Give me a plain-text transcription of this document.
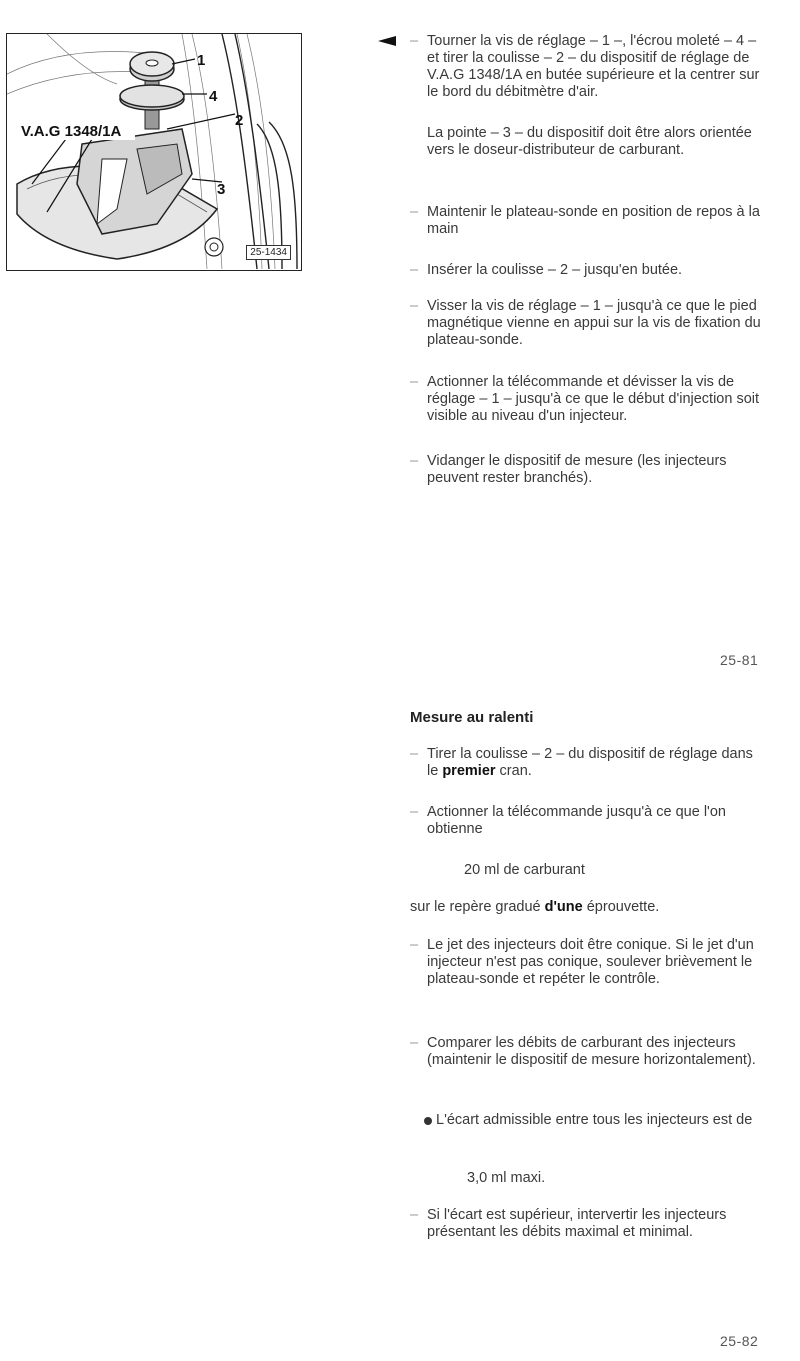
V.A.G 1348/1A
1
2
3
4
25-1434
– Tourner la vis de réglage – 1 –, l'écrou moleté – 4 – et tirer la coulisse – 2 – du dispositif de réglage de V.A.G 1348/1A en butée supérieure et la centrer sur le bord du débitmètre d'air.
La pointe – 3 – du dispositif doit être alors orientée vers le doseur-distributeur de carburant.
– Maintenir le plateau-sonde en position de repos à la main
– Insérer la coulisse – 2 – jusqu'en butée.
– Visser la vis de réglage – 1 – jusqu'à ce que le pied magnétique vienne en appui sur la vis de fixation du plateau-sonde.
– Actionner la télécommande et dévisser la vis de réglage – 1 – jusqu'à ce que le début d'injection soit visible au niveau d'un injecteur.
– Vidanger le dispositif de mesure (les injecteurs peuvent rester branchés).
25-81
Mesure au ralenti
– Tirer la coulisse – 2 – du dispositif de réglage dans le premier cran.
– Actionner la télécommande jusqu'à ce que l'on obtienne
20 ml de carburant
sur le repère gradué d'une éprouvette.
– Le jet des injecteurs doit être conique. Si le jet d'un injecteur n'est pas conique, soulever brièvement le plateau-sonde et repéter le contrôle.
– Comparer les débits de carburant des injecteurs (maintenir le dispositif de mesure horizontalement).
L'écart admissible entre tous les injecteurs est de
3,0 ml maxi.
– Si l'écart est supérieur, intervertir les injecteurs présentant les débits maximal et minimal.
25-82
